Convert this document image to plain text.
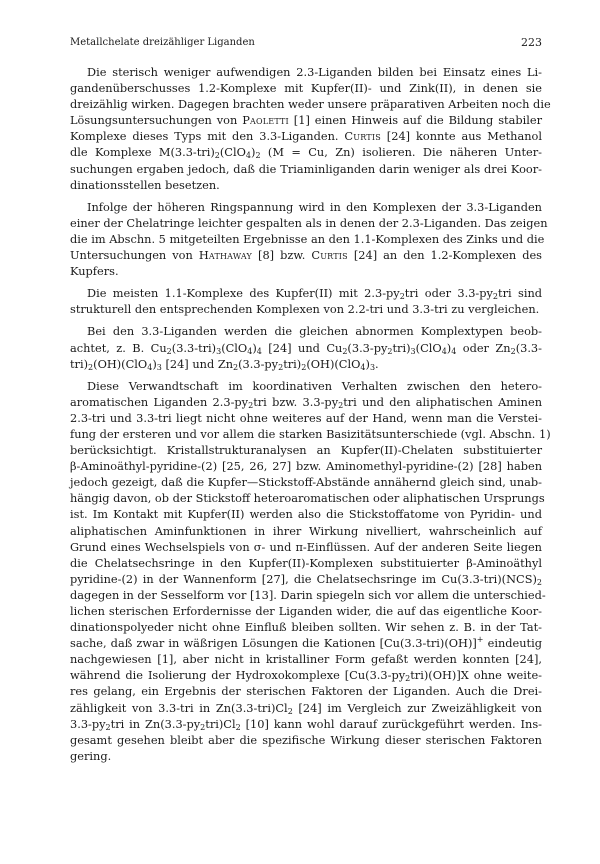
Metallchelate dreizähliger Liganden	223
Die sterisch weniger aufwendigen 2.3-Liganden bilden bei Einsatz eines Li-
gandenüberschusses 1.2-Komplexe mit Kupfer(II)- und Zink(II), in denen sie
dreizählig wirken. Dagegen brachten weder unsere präparativen Arbeiten noch die
Lösungsuntersuchungen von Paoletti [1] einen Hinweis auf die Bildung stabiler
Komplexe dieses Typs mit den 3.3-Liganden. Curtis [24] konnte aus Methanol
dle Komplexe $M(3.3-tri)_2(ClO_4)_2$ (M = Cu, Zn) isolieren. Die näheren Unter-
suchungen ergaben jedoch, daß die Triaminliganden darin weniger als drei Koor-
dinationsstellen besetzen.
Infolge der höheren Ringspannung wird in den Komplexen der 3.3-Liganden
einer der Chelatringe leichter gespalten als in denen der 2.3-Liganden. Das zeigen
die im Abschn. 5 mitgeteilten Ergebnisse an den 1.1-Komplexen des Zinks und die
Untersuchungen von Hathaway [8] bzw. Curtis [24] an den 1.2-Komplexen des
Kupfers.
Die meisten 1.1-Komplexe des Kupfer(II) mit $2.3-py_2tri$ oder $3.3-py_2tri$ sind
strukturell den entsprechenden Komplexen von 2.2-tri und 3.3-tri zu vergleichen.
Bei den 3.3-Liganden werden die gleichen abnormen Komplextypen beob-
achtet, z. B. $Cu_2(3.3-tri)_3(ClO_4)_4$ [24] und $Cu_2(3.3-py_2tri)_3(ClO_4)_4$ oder $Zn_2(3.3-$
$tri)_2(OH)(ClO_4)_3$ [24] und $Zn_2(3.3-py_2tri)_2(OH)(ClO_4)_3$.
Diese Verwandtschaft im koordinativen Verhalten zwischen den hetero-
aromatischen Liganden $2.3-py_2tri$ bzw. $3.3-py_2tri$ und den aliphatischen Aminen
2.3-tri und 3.3-tri liegt nicht ohne weiteres auf der Hand, wenn man die Verstei-
fung der ersteren und vor allem die starken Basizitätsunterschiede (vgl. Abschn. 1)
berücksichtigt. Kristallstrukturanalysen an Kupfer(II)-Chelaten substituierter
β-Aminoäthyl-pyridine-(2) [25, 26, 27] bzw. Aminomethyl-pyridine-(2) [28] haben
jedoch gezeigt, daß die Kupfer—Stickstoff-Abstände annähernd gleich sind, unab-
hängig davon, ob der Stickstoff heteroaromatischen oder aliphatischen Ursprungs
ist. Im Kontakt mit Kupfer(II) werden also die Stickstoffatome von Pyridin- und
aliphatischen Aminfunktionen in ihrer Wirkung nivelliert, wahrscheinlich auf
Grund eines Wechselspiels von σ- und π-Einflüssen. Auf der anderen Seite liegen
die Chelatsechsringe in den Kupfer(II)-Komplexen substituierter β-Aminoäthyl
pyridine-(2) in der Wannenform [27], die Chelatsechsringe im $Cu(3.3-tri)(NCS)_2$
dagegen in der Sesselform vor [13]. Darin spiegeln sich vor allem die unterschied-
lichen sterischen Erfordernisse der Liganden wider, die auf das eigentliche Koor-
dinationspolyeder nicht ohne Einfluß bleiben sollten. Wir sehen z. B. in der Tat-
sache, daß zwar in wäßrigen Lösungen die Kationen [Cu(3.3-tri)(OH)]+ eindeutig
nachgewiesen [1], aber nicht in kristalliner Form gefaßt werden konnten [24],
während die Isolierung der Hydroxokomplexe $[Cu(3.3-py_2tri)(OH)]X$ ohne weite-
res gelang, ein Ergebnis der sterischen Faktoren der Liganden. Auch die Drei-
zähligkeit von 3.3-tri in $Zn(3.3-tri)Cl_2$ [24] im Vergleich zur Zweizähligkeit von
$3.3-py_2tri$ in $Zn(3.3-py_2tri)Cl_2$ [10] kann wohl darauf zurückgeführt werden. Ins-
gesamt gesehen bleibt aber die spezifische Wirkung dieser sterischen Faktoren
gering.
